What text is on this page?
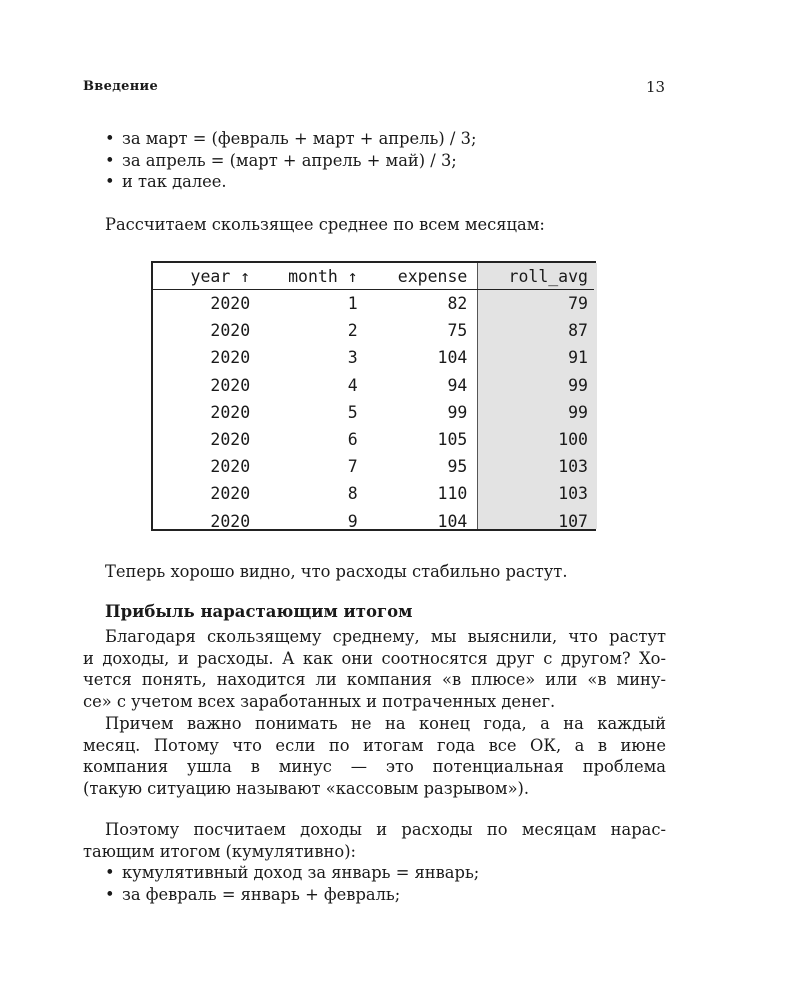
Введение	13
• за март = (февраль + март + апрель) / 3;
• за апрель = (март + апрель + май) / 3;
• и так далее.

Рассчитаем скользящее среднее по всем месяцам:

year ↑	month ↑	expense	roll_avg
2020	1	82	79
2020	2	75	87
2020	3	104	91
2020	4	94	99
2020	5	99	99
2020	6	105	100
2020	7	95	103
2020	8	110	103
2020	9	104	107

Теперь хорошо видно, что расходы стабильно растут.

Прибыль нарастающим итогом
Благодаря скользящему среднему, мы выяснили, что растут
и доходы, и расходы. А как они соотносятся друг с другом? Хо-
чется понять, находится ли компания «в плюсе» или «в мину-
се» с учетом всех заработанных и потраченных денег.
Причем важно понимать не на конец года, а на каждый
месяц. Потому что если по итогам года все ОК, а в июне
компания ушла в минус — это потенциальная проблема
(такую ситуацию называют «кассовым разрывом»).
Поэтому посчитаем доходы и расходы по месяцам нарас-
тающим итогом (кумулятивно):
• кумулятивный доход за январь = январь;
• за февраль = январь + февраль;
